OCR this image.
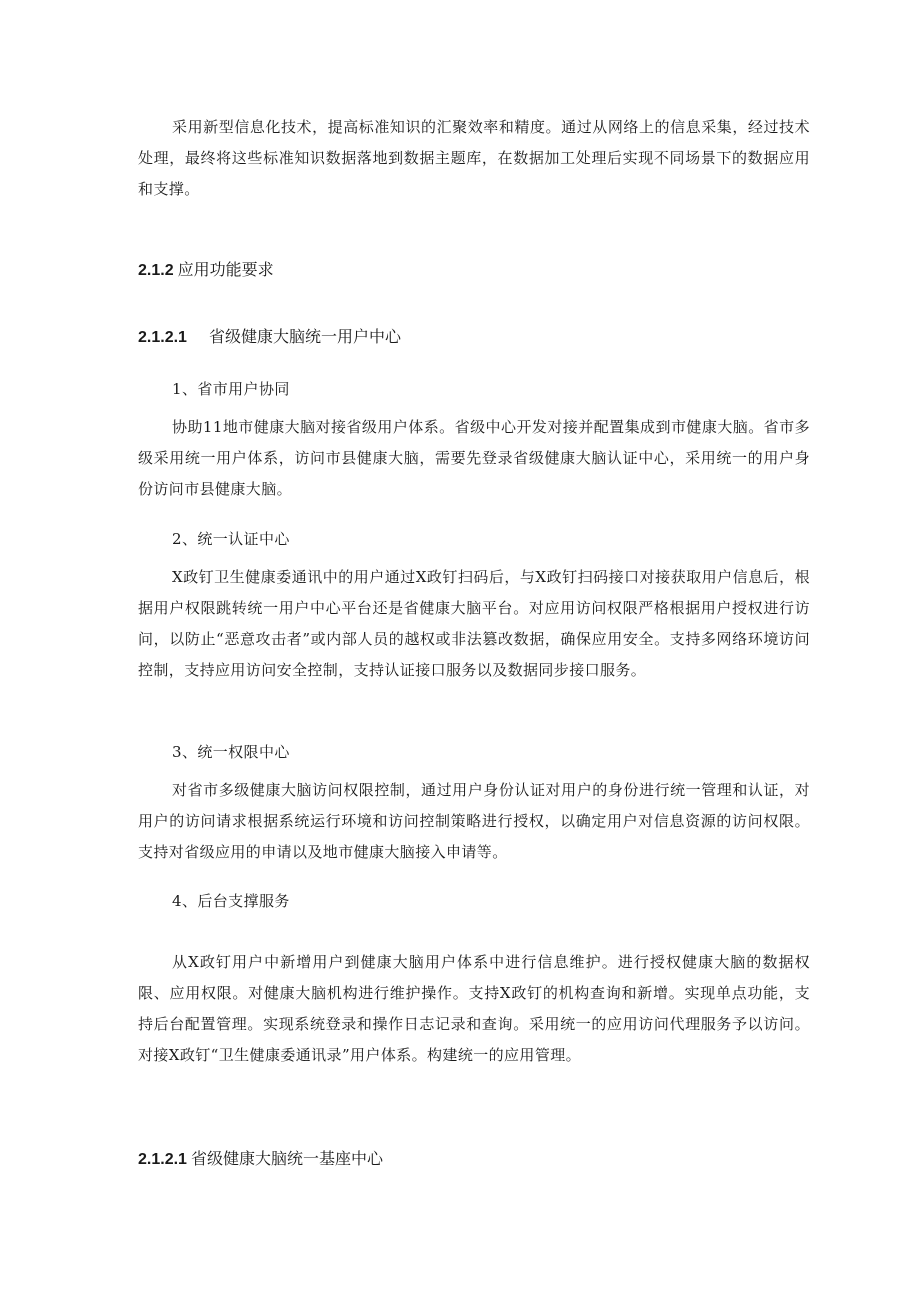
采用新型信息化技术，提高标准知识的汇聚效率和精度。通过从网络上的信息采集，经过技术处理，最终将这些标准知识数据落地到数据主题库，在数据加工处理后实现不同场景下的数据应用和支撑。

2.1.2 应用功能要求
2.1.2.1 省级健康大脑统一用户中心
1、省市用户协同

协助11地市健康大脑对接省级用户体系。省级中心开发对接并配置集成到市健康大脑。省市多级采用统一用户体系，访问市县健康大脑，需要先登录省级健康大脑认证中心，采用统一的用户身份访问市县健康大脑。

2、统一认证中心

X政钉卫生健康委通讯中的用户通过X政钉扫码后，与X政钉扫码接口对接获取用户信息后，根据用户权限跳转统一用户中心平台还是省健康大脑平台。对应用访问权限严格根据用户授权进行访问，以防止“恶意攻击者”或内部人员的越权或非法篡改数据，确保应用安全。支持多网络环境访问控制，支持应用访问安全控制，支持认证接口服务以及数据同步接口服务。

3、统一权限中心

对省市多级健康大脑访问权限控制，通过用户身份认证对用户的身份进行统一管理和认证，对用户的访问请求根据系统运行环境和访问控制策略进行授权，以确定用户对信息资源的访问权限。支持对省级应用的申请以及地市健康大脑接入申请等。

4、后台支撑服务

从X政钉用户中新增用户到健康大脑用户体系中进行信息维护。进行授权健康大脑的数据权限、应用权限。对健康大脑机构进行维护操作。支持X政钉的机构查询和新增。实现单点功能，支持后台配置管理。实现系统登录和操作日志记录和查询。采用统一的应用访问代理服务予以访问。对接X政钉“卫生健康委通讯录”用户体系。构建统一的应用管理。

2.1.2.1 省级健康大脑统一基座中心
